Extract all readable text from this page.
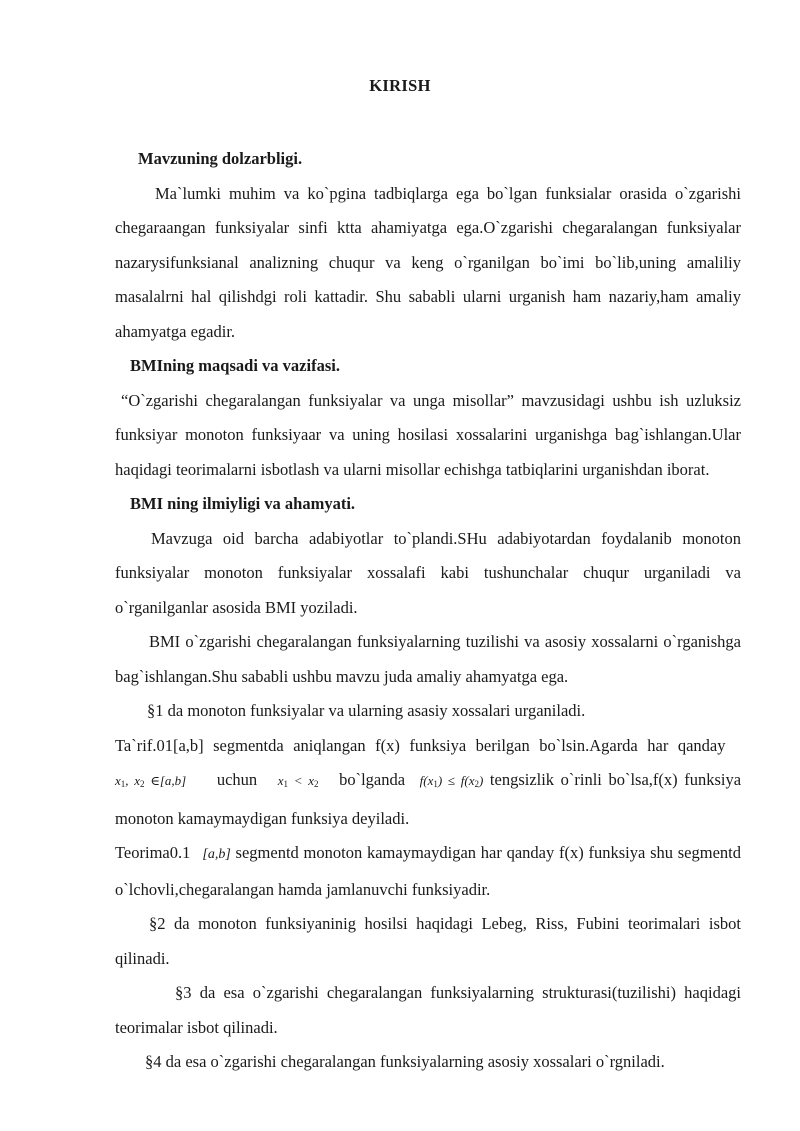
KIRISH

Mavzuning dolzarbligi.

Ma`lumki muhim va ko`pgina tadbiqlarga ega bo`lgan funksialar orasida o`zgarishi chegaraangan funksiyalar sinfi ktta ahamiyatga ega.O`zgarishi chegaralangan funksiyalar nazarysifunksianal analizning chuqur va keng o`rganilgan bo`imi bo`lib,uning amaliliy masalalrni hal qilishdgi roli kattadir. Shu sababli ularni urganish ham nazariy,ham amaliy ahamyatga egadir.

BMIning maqsadi va vazifasi.

“O`zgarishi chegaralangan funksiyalar va unga misollar” mavzusidagi ushbu ish uzluksiz funksiyar monoton funksiyaar va uning hosilasi xossalarini urganishga bag`ishlangan.Ular haqidagi teorimalarni isbotlash va ularni misollar echishga tatbiqlarini urganishdan iborat.

BMI ning ilmiyligi va ahamyati.

Mavzuga oid barcha adabiyotlar to`plandi.SHu adabiyotardan foydalanib monoton funksiyalar monoton funksiyalar xossalafi kabi tushunchalar chuqur urganiladi va o`rganilganlar asosida BMI yoziladi.

BMI o`zgarishi chegaralangan funksiyalarning tuzilishi va asosiy xossalarni o`rganishga bag`ishlangan.Shu sababli ushbu mavzu juda amaliy ahamyatga ega.

§1 da monoton funksiyalar va ularning asasiy xossalari urganiladi.

Ta`rif.01[a,b] segmentda aniqlangan f(x) funksiya berilgan bo`lsin.Agarda har qanday $x_1$, $x_2$ ∈[a,b] uchun $x_1 < x_2$ bo`lganda $f(x_1) \le f(x_2)$ tengsizlik o`rinli bo`lsa,f(x) funksiya monoton kamaymaydigan funksiya deyiladi.

Teorima0.1 [a,b] segmentd monoton kamaymaydigan har qanday f(x) funksiya shu segmentd o`lchovli,chegaralangan hamda jamlanuvchi funksiyadir.

§2 da monoton funksiyaninig hosilsi haqidagi Lebeg, Riss, Fubini teorimalari isbot qilinadi.

§3 da esa o`zgarishi chegaralangan funksiyalarning strukturasi(tuzilishi) haqidagi teorimalar isbot qilinadi.

§4 da esa o`zgarishi chegaralangan funksiyalarning asosiy xossalari o`rgniladi.
